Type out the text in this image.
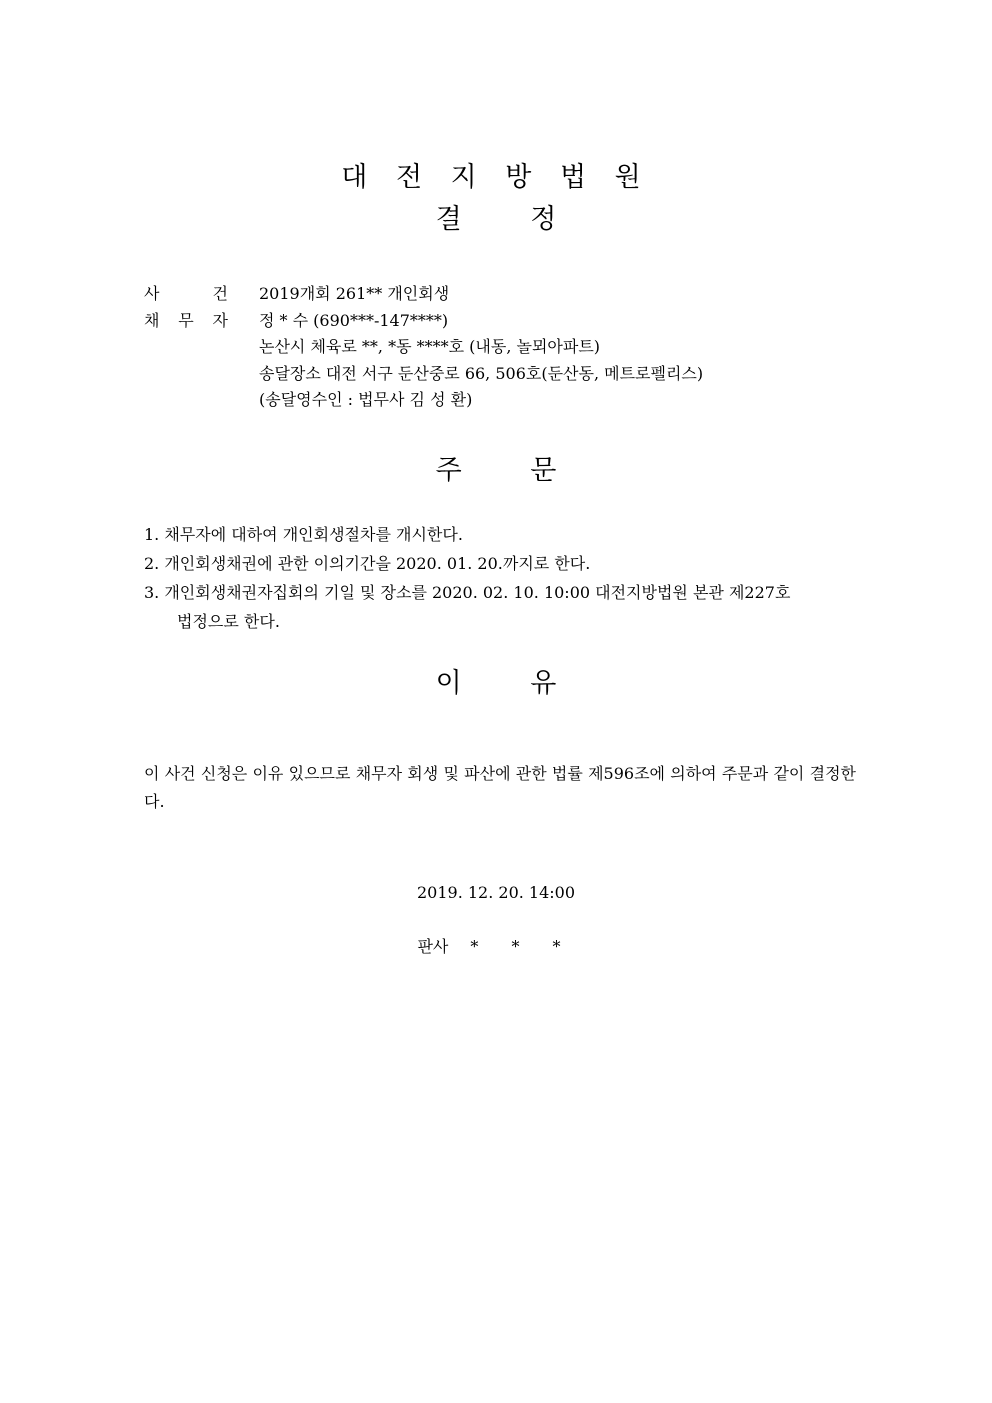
대 전 지 방 법 원
결 정
사	건 2019개회 261** 개인회생
채 무 자 정 * 수 (690***-147****)
논산시 체육로 **, *동 ****호 (내동, 놀뫼아파트)
송달장소 대전 서구 둔산중로 66, 506호(둔산동, 메트로펠리스)
(송달영수인 : 법무사 김 성 환)
주 문
1. 채무자에 대하여 개인회생절차를 개시한다.
2. 개인회생채권에 관한 이의기간을 2020. 01. 20.까지로 한다.
3. 개인회생채권자집회의 기일 및 장소를 2020. 02. 10. 10:00 대전지방법원 본관 제227호
법정으로 한다.
이 유
이 사건 신청은 이유 있으므로 채무자 회생 및 파산에 관한 법률 제596조에 의하여 주문과 같이 결정한다.
2019. 12. 20. 14:00
판사 * * *
